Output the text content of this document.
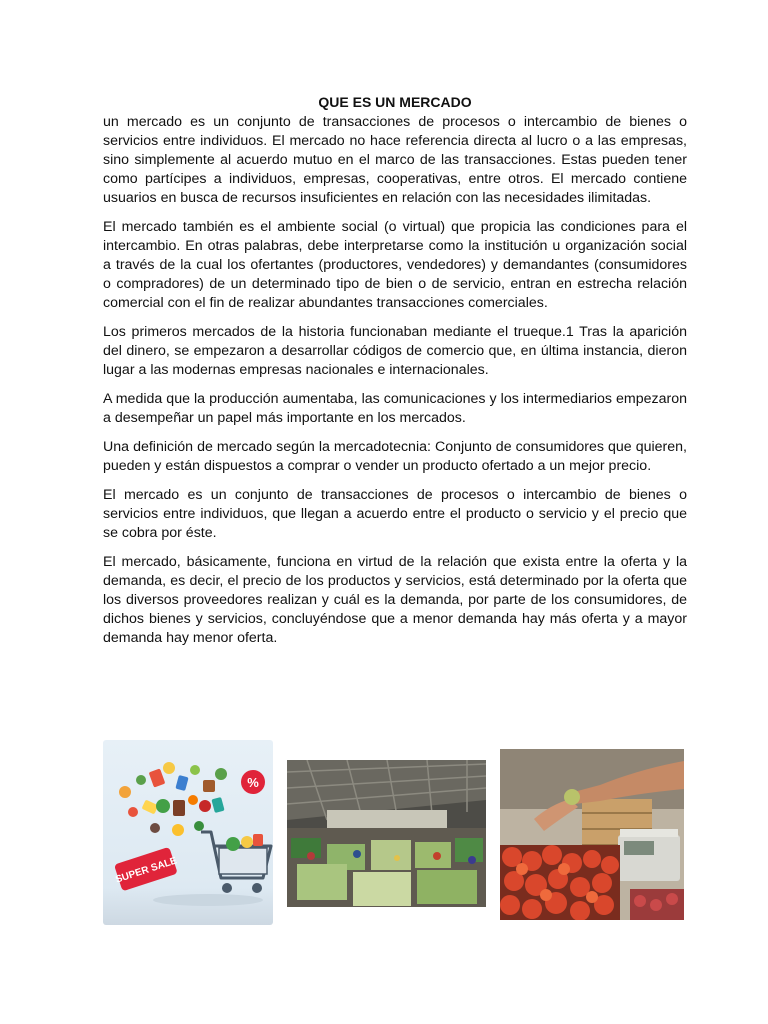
QUE ES UN MERCADO

un mercado es un conjunto de transacciones de procesos o intercambio de bienes o servicios entre individuos. El mercado no hace referencia directa al lucro o a las empresas, sino simplemente al acuerdo mutuo en el marco de las transacciones. Estas pueden tener como partícipes a individuos, empresas, cooperativas, entre otros. El mercado contiene usuarios en busca de recursos insuficientes en relación con las necesidades ilimitadas.

El mercado también es el ambiente social (o virtual) que propicia las condiciones para el intercambio. En otras palabras, debe interpretarse como la institución u organización social a través de la cual los ofertantes (productores, vendedores) y demandantes (consumidores o compradores) de un determinado tipo de bien o de servicio, entran en estrecha relación comercial con el fin de realizar abundantes transacciones comerciales.

Los primeros mercados de la historia funcionaban mediante el trueque.1 Tras la aparición del dinero, se empezaron a desarrollar códigos de comercio que, en última instancia, dieron lugar a las modernas empresas nacionales e internacionales.

A medida que la producción aumentaba, las comunicaciones y los intermediarios empezaron a desempeñar un papel más importante en los mercados.

Una definición de mercado según la mercadotecnia: Conjunto de consumidores que quieren, pueden y están dispuestos a comprar o vender un producto ofertado a un mejor precio.

El mercado es un conjunto de transacciones de procesos o intercambio de bienes o servicios entre individuos, que llegan a acuerdo entre el producto o servicio y el precio que se cobra por éste.

El mercado, básicamente, funciona en virtud de la relación que exista entre la oferta y la demanda, es decir, el precio de los productos y servicios, está determinado por la oferta que los diversos proveedores realizan y cuál es la demanda, por parte de los consumidores, de dichos bienes y servicios, concluyéndose que a menor demanda hay más oferta y a mayor demanda hay menor oferta.

%
SUPER SALE
